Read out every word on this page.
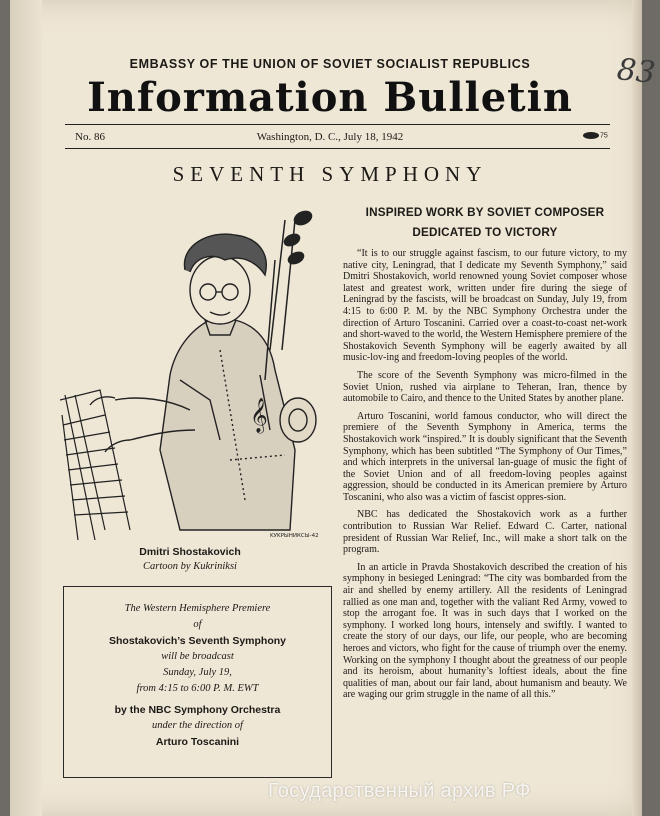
EMBASSY OF THE UNION OF SOVIET SOCIALIST REPUBLICS
Information Bulletin
83
No. 86	Washington, D. C., July 18, 1942	75
SEVENTH SYMPHONY
𝄞
KУKPЫНИКСЫ-42
Dmitri Shostakovich
Cartoon by Kukriniksi
The Western Hemisphere Premiere
of
Shostakovich’s Seventh Symphony
will be broadcast
Sunday, July 19,
from 4:15 to 6:00 P. M. EWT
by the NBC Symphony Orchestra
under the direction of
Arturo Toscanini
INSPIRED WORK BY SOVIET COMPOSER
DEDICATED TO VICTORY

“It is to our struggle against fascism, to our future victory, to my native city, Leningrad, that I dedicate my Seventh Symphony,” said Dmitri Shostakovich, world renowned young Soviet composer whose latest and greatest work, written under fire during the siege of Leningrad by the fascists, will be broadcast on Sunday, July 19, from 4:15 to 6:00 P. M. by the NBC Symphony Orchestra under the direction of Arturo Toscanini. Carried over a coast-to-coast net-work and short-waved to the world, the Western Hemisphere premiere of the Shostakovich Seventh Symphony will be eagerly awaited by all music-lov-ing and freedom-loving peoples of the world.

The score of the Seventh Symphony was micro-filmed in the Soviet Union, rushed via airplane to Teheran, Iran, thence by automobile to Cairo, and thence to the United States by another plane.

Arturo Toscanini, world famous conductor, who will direct the premiere of the Seventh Symphony in America, terms the Shostakovich work “inspired.” It is doubly significant that the Seventh Symphony, which has been subtitled “The Symphony of Our Times,” and which interprets in the universal lan-guage of music the fight of the Soviet Union and of all freedom-loving peoples against aggression, should be conducted in its American premiere by Arturo Toscanini, who also was a victim of fascist oppres-sion.

NBC has dedicated the Shostakovich work as a further contribution to Russian War Relief. Edward C. Carter, national president of Russian War Relief, Inc., will make a short talk on the program.

In an article in Pravda Shostakovich described the creation of his symphony in besieged Leningrad: “The city was bombarded from the air and shelled by enemy artillery. All the residents of Leningrad rallied as one man and, together with the valiant Red Army, vowed to stop the arrogant foe. It was in such days that I worked on the symphony. I worked long hours, intensely and swiftly. I wanted to create the story of our days, our life, our people, who are becoming heroes and victors, who fight for the cause of triumph over the enemy. Working on the symphony I thought about the greatness of our people and its heroism, about humanity’s loftiest ideals, about the fine qualities of man, about our fair land, about humanism and beauty. We are waging our grim struggle in the name of all this.”

Государственный архив РФ
